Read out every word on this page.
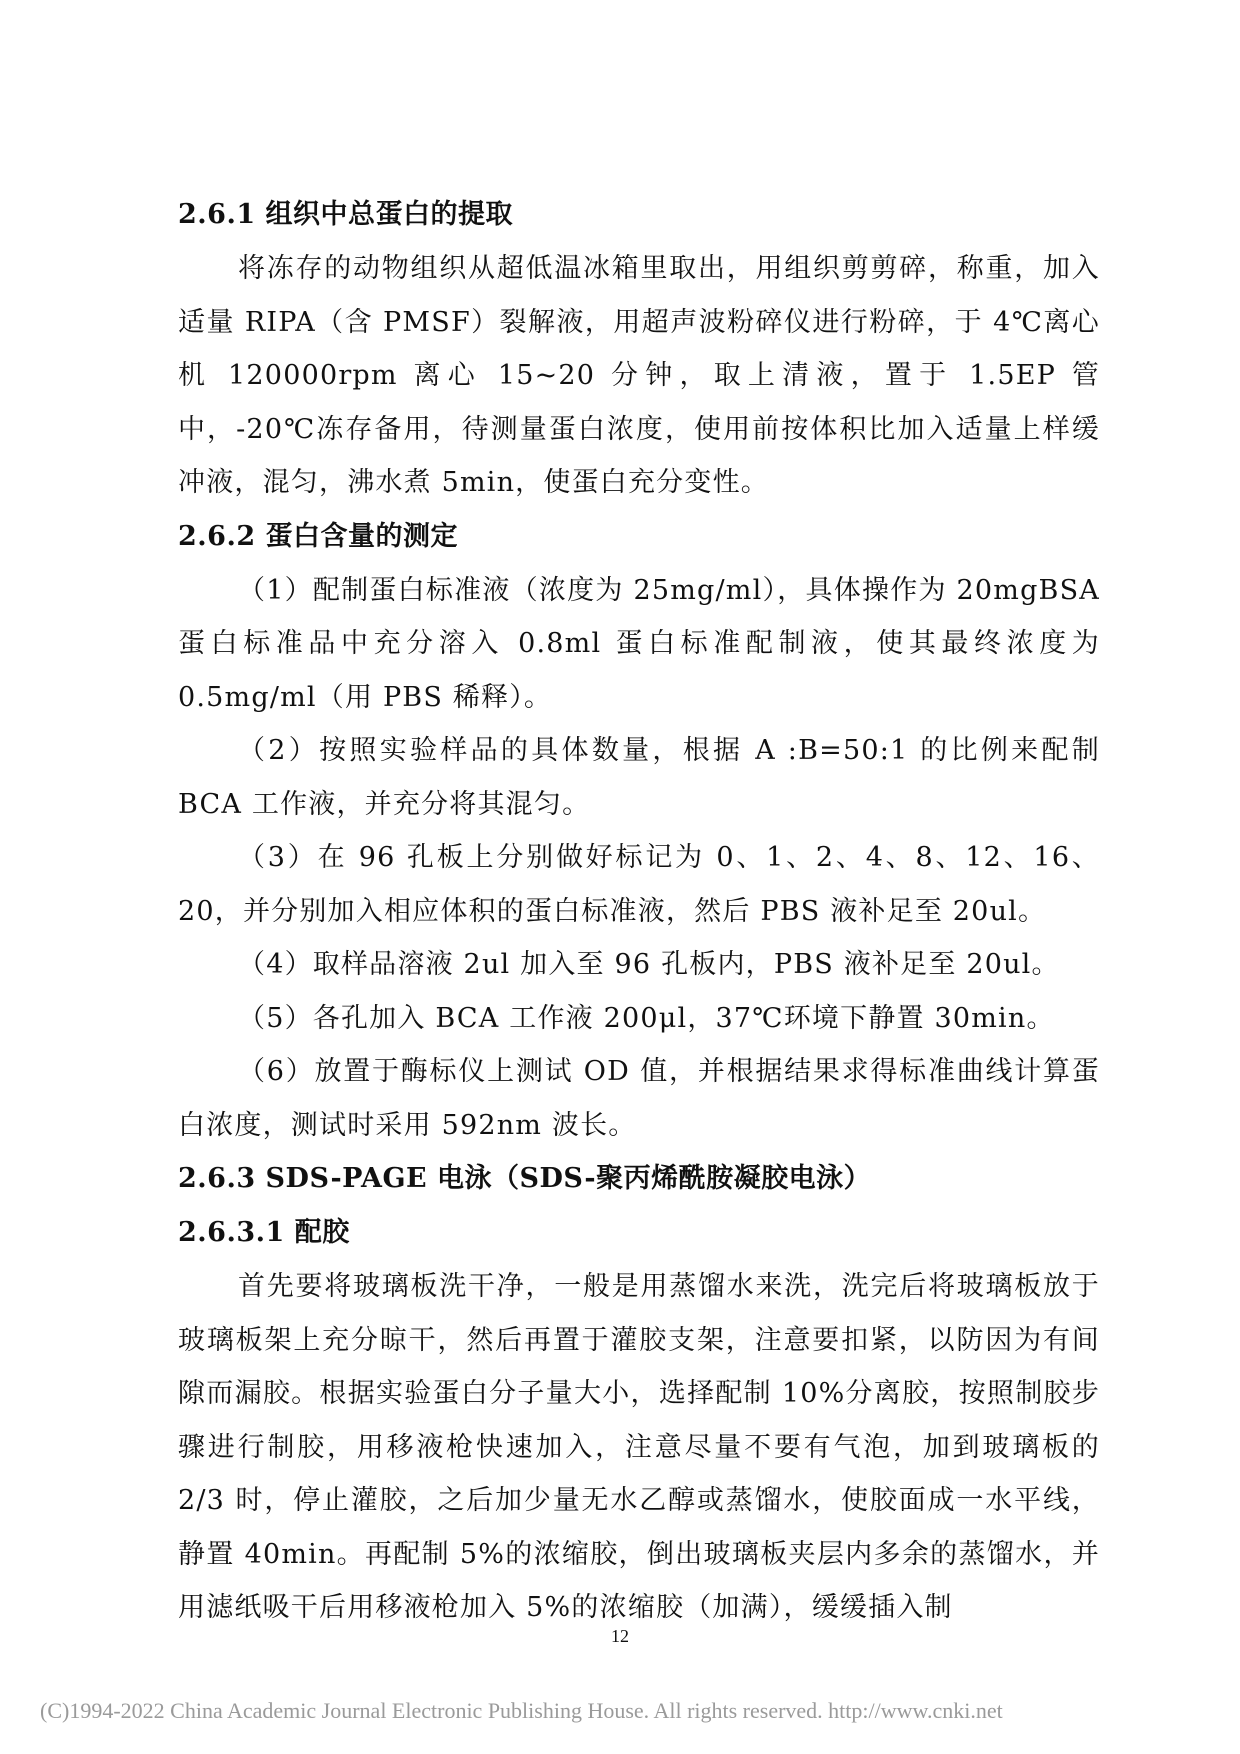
2.6.1 组织中总蛋白的提取

将冻存的动物组织从超低温冰箱里取出，用组织剪剪碎，称重，加入适量 RIPA（含 PMSF）裂解液，用超声波粉碎仪进行粉碎，于 4℃离心机 120000rpm 离心 15~20 分钟，取上清液，置于 1.5EP 管中，-20℃冻存备用，待测量蛋白浓度，使用前按体积比加入适量上样缓冲液，混匀，沸水煮 5min，使蛋白充分变性。

2.6.2 蛋白含量的测定

（1）配制蛋白标准液（浓度为 25mg/ml），具体操作为 20mgBSA 蛋白标准品中充分溶入 0.8ml 蛋白标准配制液，使其最终浓度为 0.5mg/ml（用 PBS 稀释）。

（2）按照实验样品的具体数量，根据 A :B=50:1 的比例来配制 BCA 工作液，并充分将其混匀。

（3）在 96 孔板上分别做好标记为 0、1、2、4、8、12、16、20，并分别加入相应体积的蛋白标准液，然后 PBS 液补足至 20ul。

（4）取样品溶液 2ul 加入至 96 孔板内，PBS 液补足至 20ul。

（5）各孔加入 BCA 工作液 200μl，37℃环境下静置 30min。

（6）放置于酶标仪上测试 OD 值，并根据结果求得标准曲线计算蛋白浓度，测试时采用 592nm 波长。

2.6.3 SDS-PAGE 电泳（SDS-聚丙烯酰胺凝胶电泳）
2.6.3.1 配胶

首先要将玻璃板洗干净，一般是用蒸馏水来洗，洗完后将玻璃板放于玻璃板架上充分晾干，然后再置于灌胶支架，注意要扣紧，以防因为有间隙而漏胶。根据实验蛋白分子量大小，选择配制 10%分离胶，按照制胶步骤进行制胶，用移液枪快速加入，注意尽量不要有气泡，加到玻璃板的 2/3 时，停止灌胶，之后加少量无水乙醇或蒸馏水，使胶面成一水平线，静置 40min。再配制 5%的浓缩胶，倒出玻璃板夹层内多余的蒸馏水，并用滤纸吸干后用移液枪加入 5%的浓缩胶（加满），缓缓插入制

12
(C)1994-2022 China Academic Journal Electronic Publishing House. All rights reserved. http://www.cnki.net
